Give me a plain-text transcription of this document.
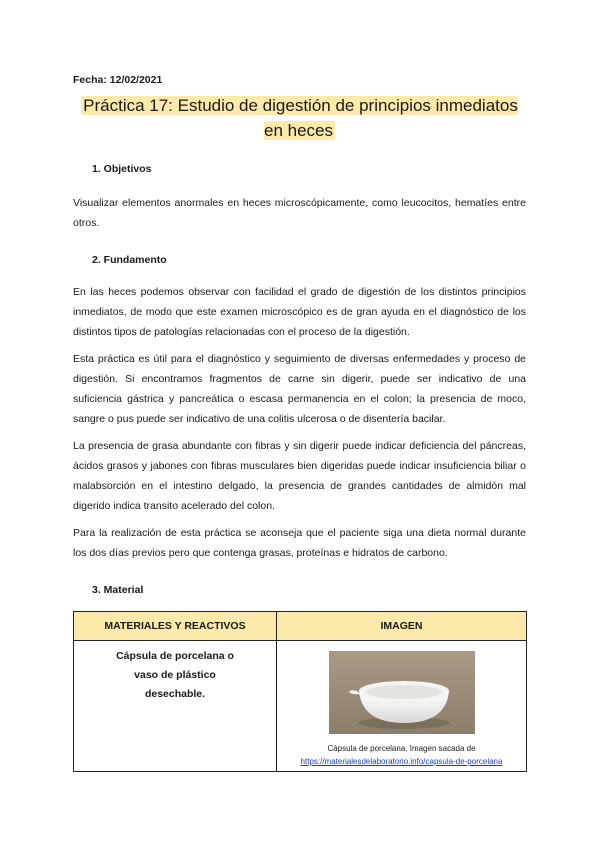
Fecha: 12/02/2021

Práctica 17: Estudio de digestión de principios inmediatos en heces
1. Objetivos

Visualizar elementos anormales en heces microscópicamente, como leucocitos, hematíes entre otros.

2. Fundamento

En las heces podemos observar con facilidad el grado de digestión de los distintos principios inmediatos, de modo que este examen microscópico es de gran ayuda en el diagnóstico de los distintos tipos de patologías relacionadas con el proceso de la digestión.

Esta práctica es útil para el diagnóstico y seguimiento de diversas enfermedades y proceso de digestión. Si encontramos fragmentos de carne sin digerir, puede ser indicativo de una suficiencia gástrica y pancreática o escasa permanencia en el colon; la presencia de moco, sangre o pus puede ser indicativo de una colitis ulcerosa o de disentería bacilar.

La presencia de grasa abundante con fibras y sin digerir puede indicar deficiencia del páncreas, ácidos grasos y jabones con fibras musculares bien digeridas puede indicar insuficiencia biliar o malabsorción en el intestino delgado, la presencia de grandes cantidades de almidón mal digerido indica transito acelerado del colon.

Para la realización de esta práctica se aconseja que el paciente siga una dieta normal durante los dos días previos pero que contenga grasas, proteínas e hidratos de carbono.

3. Material
MATERIALES Y REACTIVOS	IMAGEN

Cápsula de porcelana o vaso de plástico desechable.	Cápsula de porcelana. Imagen sacada de
https://materialesdelaboratorio.info/capsula-de-porcelana
